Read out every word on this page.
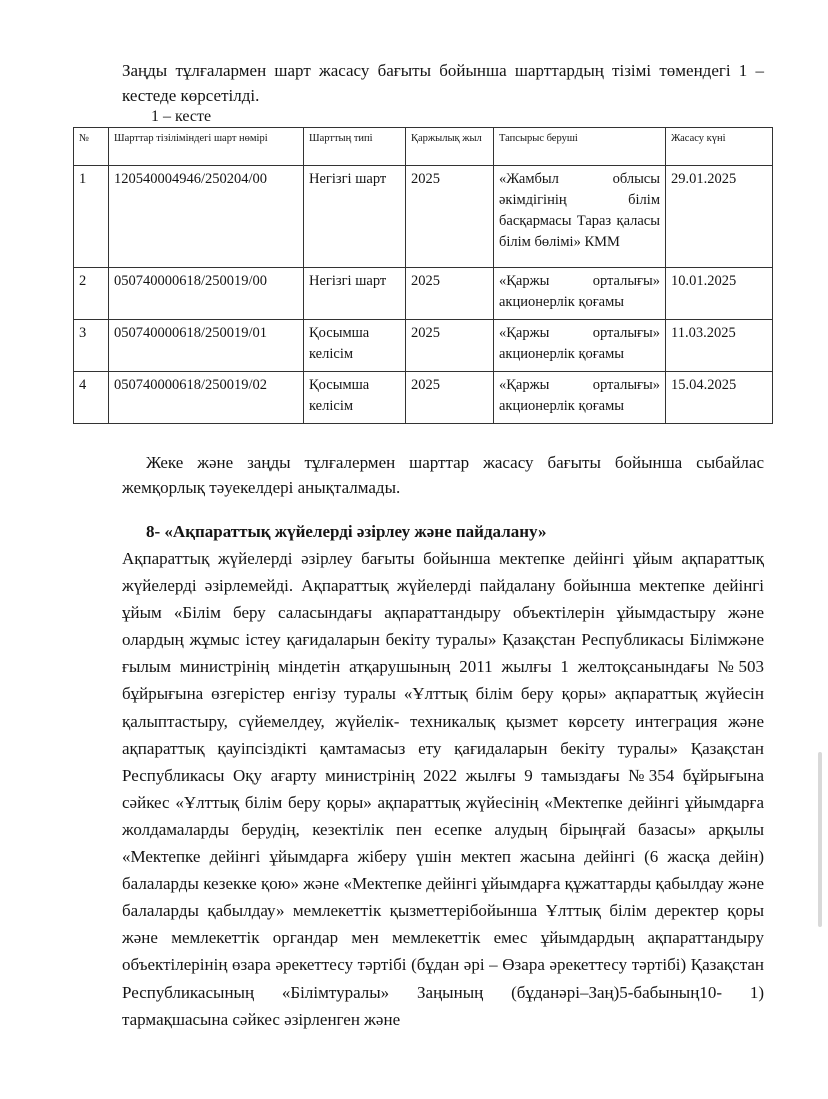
Заңды тұлғалармен шарт жасасу бағыты бойынша шарттардың тізімі төмендегі 1 – кестеде көрсетілді.

1 – кесте
№	Шарттар тізіліміндегі шарт нөмірі	Шарттың типі	Қаржылық жыл	Тапсырыс беруші	Жасасу күні
1	120540004946/250204/00	Негізгі шарт	2025	«Жамбыл облысы әкімдігінің білім басқармасы Тараз қаласы білім бөлімі» КММ	29.01.2025
2	050740000618/250019/00	Негізгі шарт	2025	«Қаржы орталығы» акционерлік қоғамы	10.01.2025
3	050740000618/250019/01	Қосымша келісім	2025	«Қаржы орталығы» акционерлік қоғамы	11.03.2025
4	050740000618/250019/02	Қосымша келісім	2025	«Қаржы орталығы» акционерлік қоғамы	15.04.2025

Жеке және заңды тұлғалермен шарттар жасасу бағыты бойынша сыбайлас жемқорлық тәуекелдері анықталмады.

8- «Ақпараттық жүйелерді әзірлеу және пайдалану»

Ақпараттық жүйелерді әзірлеу бағыты бойынша мектепке дейінгі ұйым ақпараттық жүйелерді әзірлемейді. Ақпараттық жүйелерді пайдалану бойынша мектепке дейінгі ұйым «Білім беру саласындағы ақпараттандыру объектілерін ұйымдастыру және олардың жұмыс істеу қағидаларын бекіту туралы» Қазақстан Республикасы Білімжәне ғылым министрінің міндетін атқарушының 2011 жылғы 1 желтоқсанындағы №503 бұйрығына өзгерістер енгізу туралы «Ұлттық білім беру қоры» ақпараттық жүйесін қалыптастыру, сүйемелдеу, жүйелік- техникалық қызмет көрсету интеграция және ақпараттық қауіпсіздікті қамтамасыз ету қағидаларын бекіту туралы» Қазақстан Республикасы Оқу ағарту министрінің 2022 жылғы 9 тамыздағы №354 бұйрығына сәйкес «Ұлттық білім беру қоры» ақпараттық жүйесінің «Мектепке дейінгі ұйымдарға жолдамаларды берудің, кезектілік пен есепке алудың бірыңғай базасы» арқылы «Мектепке дейінгі ұйымдарға жіберу үшін мектеп жасына дейінгі (6 жасқа дейін) балаларды кезекке қою» және «Мектепке дейінгі ұйымдарға құжаттарды қабылдау және балаларды қабылдау» мемлекеттік қызметтерібойынша Ұлттық білім деректер қоры және мемлекеттік органдар мен мемлекеттік емес ұйымдардың ақпараттандыру объектілерінің өзара әрекеттесу тәртібі (бұдан әрі – Өзара әрекеттесу тәртібі) Қазақстан Республикасының «Білімтуралы» Заңының (бұданәрі–Заң)5-бабының10- 1) тармақшасына сәйкес әзірленген және
